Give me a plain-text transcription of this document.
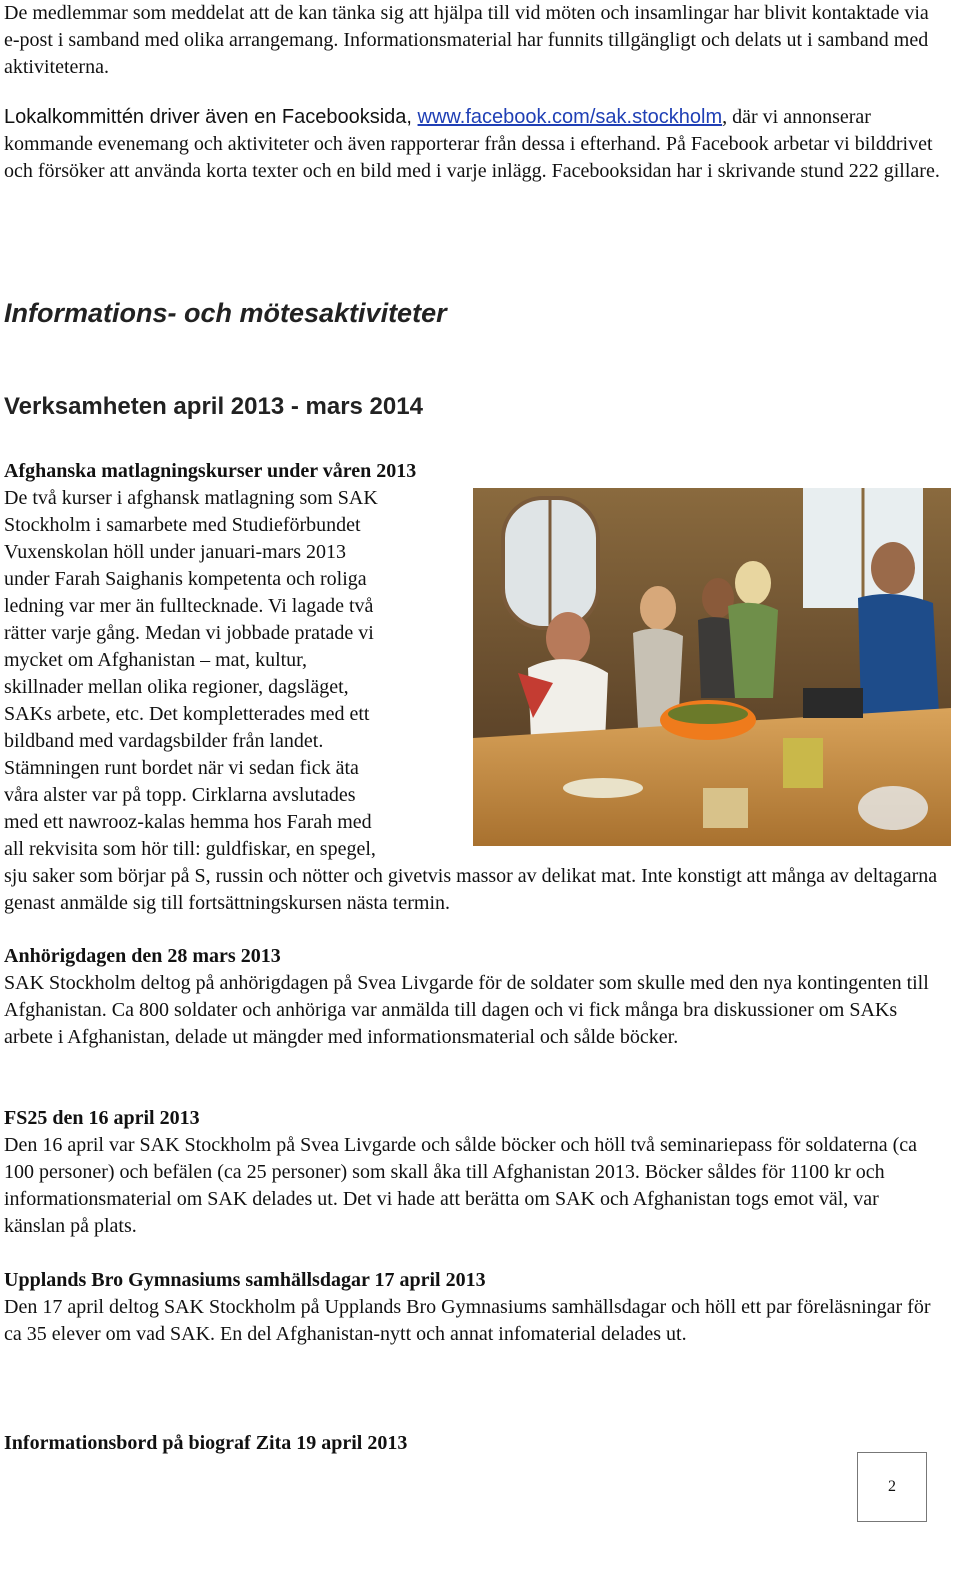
De medlemmar som meddelat att de kan tänka sig att hjälpa till vid möten och insamlingar har blivit kontaktade via e-post i samband med olika arrangemang. Informationsmaterial har funnits tillgängligt och delats ut i samband med aktiviteterna.

Lokalkommittén driver även en Facebooksida, www.facebook.com/sak.stockholm, där vi annonserar kommande evenemang och aktiviteter och även rapporterar från dessa i efterhand. På Facebook arbetar vi bilddrivet och försöker att använda korta texter och en bild med i varje inlägg. Facebooksidan har i skrivande stund 222 gillare.

Informations- och mötesaktiviteter
Verksamheten april 2013 - mars 2014
Afghanska matlagningskurser under våren 2013
De två kurser i afghansk matlagning som SAK
Stockholm i samarbete med Studieförbundet
Vuxenskolan höll under januari-mars 2013
under Farah Saighanis kompetenta och roliga
ledning var mer än fulltecknade. Vi lagade två
rätter varje gång. Medan vi jobbade pratade vi
mycket om Afghanistan – mat, kultur,
skillnader mellan olika regioner, dagsläget,
SAKs arbete, etc. Det kompletterades med ett
bildband med vardagsbilder från landet.
Stämningen runt bordet när vi sedan fick äta
våra alster var på topp. Cirklarna avslutades
med ett nawrooz-kalas hemma hos Farah med
all rekvisita som hör till: guldfiskar, en spegel,

sju saker som börjar på S, russin och nötter och givetvis massor av delikat mat. Inte konstigt att många av deltagarna genast anmälde sig till fortsättningskursen nästa termin.

Anhörigdagen den 28 mars 2013

SAK Stockholm deltog på anhörigdagen på Svea Livgarde för de soldater som skulle med den nya kontingenten till Afghanistan. Ca 800 soldater och anhöriga var anmälda till dagen och vi fick många bra diskussioner om SAKs arbete i Afghanistan, delade ut mängder med informationsmaterial och sålde böcker.

FS25 den 16 april 2013

Den 16 april var SAK Stockholm på Svea Livgarde och sålde böcker och höll två seminariepass för soldaterna (ca 100 personer) och befälen (ca 25 personer) som skall åka till Afghanistan 2013. Böcker såldes för 1100 kr och informationsmaterial om SAK delades ut. Det vi hade att berätta om SAK och Afghanistan togs emot väl, var känslan på plats.

Upplands Bro Gymnasiums samhällsdagar 17 april 2013

Den 17 april deltog SAK Stockholm på Upplands Bro Gymnasiums samhällsdagar och höll ett par föreläsningar för ca 35 elever om vad SAK. En del Afghanistan-nytt och annat infomaterial delades ut.

Informationsbord på biograf Zita 19 april 2013
2
